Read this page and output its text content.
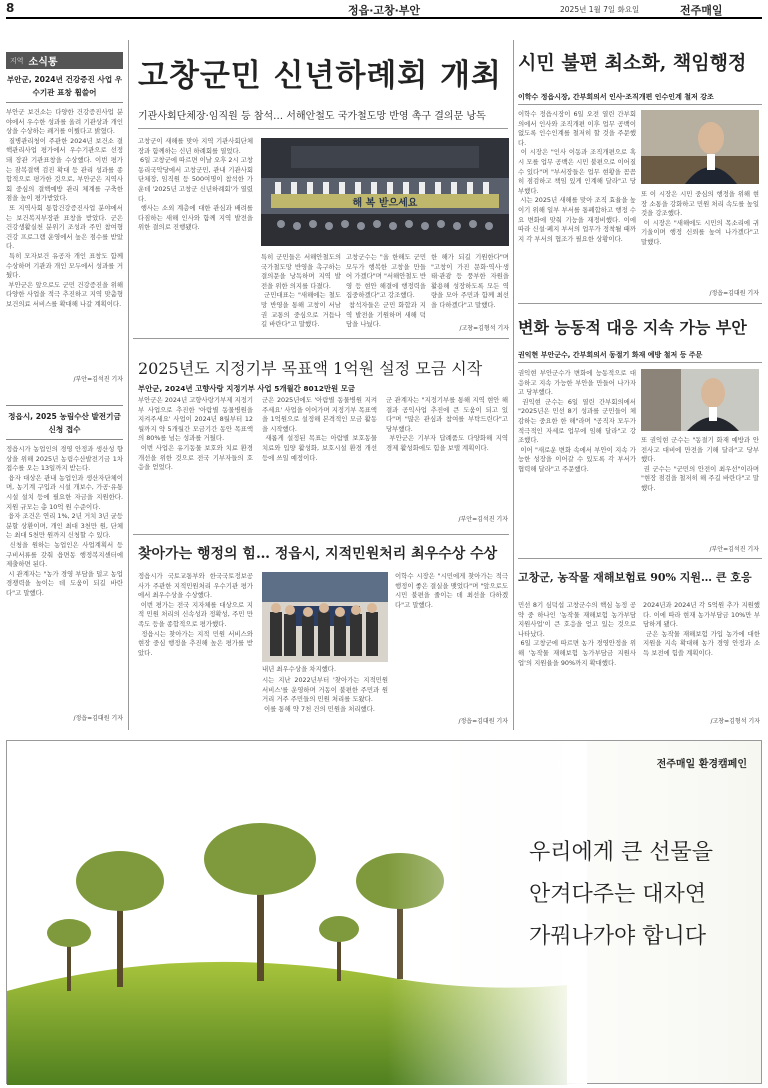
8	정읍·고창·부안	2025년 1월 7일 화요일	전주매일
지역 소식통
부안군, 2024년 건강증진 사업 우수기관 표창 휩쓸어
부안군 보건소는 다양한 건강증진사업 분야에서 우수한 성과를 올려 기관상과 개인상을 수상하는 쾌거를 이뤘다고 밝혔다.
질병관리청이 주관한 2024년 보건소 결핵관리사업 평가에서 우수기관으로 선정돼 장관 기관표창을 수상했다. 이번 평가는 잠복결핵 검진 확대 등 관리 성과를 종합적으로 평가한 것으로, 부안군은 지역사회 중심의 결핵예방 관리 체계를 구축한 점을 높이 평가받았다.
또 지역사회 통합건강증진사업 분야에서는 보건복지부장관 표창을 받았다. 군은 건강생활실천 분위기 조성과 주민 참여형 건강 프로그램 운영에서 높은 점수를 받았다.
특히 모자보건 유공자 개인 표창도 함께 수상하며 기관과 개인 모두에서 성과를 거뒀다.
부안군은 앞으로도 군민 건강증진을 위해 다양한 사업을 적극 추진하고 지역 맞춤형 보건의료 서비스를 확대해 나갈 계획이다.
/부안=김석진 기자
정읍시, 2025 농림수산 발전기금 신청 접수
정읍시가 농업인의 경영 안정과 생산성 향상을 위해 2025년 농림수산발전기금 1차 접수를 오는 13일까지 받는다.
융자 대상은 관내 농업인과 생산자단체이며, 농기계 구입과 시설 개보수, 가공·유통 시설 설치 등에 필요한 자금을 지원한다. 지원 규모는 총 10억 원 수준이다.
융자 조건은 연리 1%, 2년 거치 3년 균등분할 상환이며, 개인 최대 3천만 원, 단체는 최대 5천만 원까지 신청할 수 있다.
신청을 원하는 농업인은 사업계획서 등 구비서류를 갖춰 읍면동 행정복지센터에 제출하면 된다.
시 관계자는 "농가 경영 부담을 덜고 농업 경쟁력을 높이는 데 도움이 되길 바란다"고 말했다.
/정읍=김대원 기자
고창군민 신년하례회 개최
기관사회단체장·임직원 등 참석… 서해안철도 국가철도망 반영 촉구 결의문 낭독
고창군이 새해를 맞아 지역 기관사회단체장과 함께하는 신년 하례회를 열었다.
6일 고창군에 따르면 이날 오후 2시 고창 동리국악당에서 고창군민, 관내 기관사회단체장, 임직원 등 500여명이 참석한 가운데 '2025년 고창군 신년하례회'가 열렸다.
행사는 소외 계층에 대한 관심과 배려를 다짐하는 새해 인사와 함께 지역 발전을 위한 결의로 진행됐다.
해 복 받으세요
특히 군민들은 서해안철도의 국가철도망 반영을 촉구하는 결의문을 낭독하며 지역 발전을 위한 의지를 다졌다.
군민대표는 "새해에는 철도망 반영을 통해 고창이 서남권 교통의 중심으로 거듭나길 바란다"고 말했다.
고창군수는 "올 한해도 군민 모두가 행복한 고창을 만들어 가겠다"며 "서해안철도 반영 등 현안 해결에 행정력을 집중하겠다"고 강조했다.
참석자들은 군민 화합과 지역 발전을 기원하며 새해 덕담을 나눴다.
한 해가 되길 기원한다"며 "고창이 가진 문화·역사·생태·관광 등 풍부한 자원을 활용해 성장하도록 모든 역량을 모아 주민과 함께 최선을 다하겠다"고 말했다.
/고창=김형석 기자
시민 불편 최소화, 책임행정
이학수 정읍시장, 간부회의서 인사·조직개편 인수인계 철저 강조
이학수 정읍시장이 6일 오전 열린 간부회의에서 인사와 조직개편 이후 업무 공백이 없도록 인수인계를 철저히 할 것을 주문했다.
이 시장은 "인사 이동과 조직개편으로 혹시 모를 업무 공백은 시민 불편으로 이어질 수 있다"며 "부서장들은 업무 현황을 꼼꼼히 점검하고 책임 있게 인계해 달라"고 당부했다.
시는 2025년 새해를 맞아 조직 효율을 높이기 위해 일부 부서를 통폐합하고 행정 수요 변화에 맞춰 기능을 재정비했다. 이에 따라 신설·폐지 부서의 업무가 정착될 때까지 각 부서의 협조가 필요한 상황이다.
또 이 시장은 시민 중심의 행정을 위해 현장 소통을 강화하고 민원 처리 속도를 높일 것을 강조했다.
이 시장은 "새해에도 시민의 목소리에 귀 기울이며 행정 신뢰를 높여 나가겠다"고 말했다.
/정읍=김대원 기자
2025년도 지정기부 목표액 1억원 설정 모금 시작
부안군, 2024년 고향사랑 지정기부 사업 5개월간 8012만원 모금
부안군은 2024년 고향사랑기부제 지정기부 사업으로 추진한 '아람별 동물병원을 지켜주세요' 사업이 2024년 8월부터 12월까지 약 5개월간 모금기간 동안 목표액의 80%를 넘는 성과를 거뒀다.
이번 사업은 유기동물 보호와 치료 환경 개선을 위한 것으로 전국 기부자들의 호응을 얻었다.
군은 2025년에도 '아람별 동물병원 지켜주세요' 사업을 이어가며 지정기부 목표액을 1억원으로 설정해 본격적인 모금 활동을 시작했다.
새롭게 설정된 목표는 아람별 보호동물 치료와 입양 활성화, 보호시설 환경 개선 등에 쓰일 예정이다.
군 관계자는 "지정기부를 통해 지역 현안 해결과 공익사업 추진에 큰 도움이 되고 있다"며 "많은 관심과 참여를 부탁드린다"고 당부했다.
부안군은 기부자 답례품도 다양화해 지역 경제 활성화에도 힘을 보탤 계획이다.
/부안=김석진 기자
변화 능동적 대응 지속 가능 부안
권익현 부안군수, 간부회의서 동절기 화재 예방 철저 등 주문
권익현 부안군수가 변화에 능동적으로 대응하고 지속 가능한 부안을 만들어 나가자고 당부했다.
권익현 군수는 6일 열린 간부회의에서 "2025년은 민선 8기 성과를 군민들이 체감하는 중요한 한 해"라며 "공직자 모두가 적극적인 자세로 업무에 임해 달라"고 강조했다.
이어 "새로운 변화 속에서 부안이 지속 가능한 성장을 이어갈 수 있도록 각 부서가 협력해 달라"고 주문했다.
또 권익현 군수는 "동절기 화재 예방과 안전사고 대비에 만전을 기해 달라"고 당부했다.
권 군수는 "군민의 안전이 최우선"이라며 "현장 점검을 철저히 해 주길 바란다"고 말했다.
/부안=김석진 기자
찾아가는 행정의 힘… 정읍시, 지적민원처리 최우수상 수상
정읍시가 국토교통부와 한국국토정보공사가 주관한 지적민원처리 우수기관 평가에서 최우수상을 수상했다.
이번 평가는 전국 지자체를 대상으로 지적 민원 처리의 신속성과 정확성, 주민 만족도 등을 종합적으로 평가했다.
정읍시는 찾아가는 지적 민원 서비스와 현장 중심 행정을 추진해 높은 평가를 받았다.
내년 최우수상을 차지했다.
시는 지난 2022년부터 '찾아가는 지적민원 서비스'를 운영하며 거동이 불편한 주민과 원거리 거주 주민들의 민원 처리를 도왔다.
이를 통해 약 7천 건의 민원을 처리했다.
이학수 시장은 "시민에게 찾아가는 적극 행정이 좋은 결실을 맺었다"며 "앞으로도 시민 불편을 줄이는 데 최선을 다하겠다"고 말했다.
/정읍=김대원 기자
고창군, 농작물 재해보험료 90% 지원… 큰 호응
민선 8기 심덕섭 고창군수의 핵심 농정 공약 중 하나인 '농작물 재해보험 농가부담 지원사업'이 큰 호응을 얻고 있는 것으로 나타났다.
6일 고창군에 따르면 농가 경영안정을 위해 '농작물 재해보험 농가부담금 지원사업'의 지원율을 90%까지 확대했다.
2024년과 2024년 각 5억원 추가 지원했다. 이에 따라 현재 농가부담금 10%만 부담하게 됐다.
군은 농작물 재해보험 가입 농가에 대한 지원을 지속 확대해 농가 경영 안정과 소득 보전에 힘쓸 계획이다.
/고창=김형석 기자
전주매일 환경캠페인
우리에게 큰 선물을
안겨다주는 대자연
가꿔나가야 합니다
